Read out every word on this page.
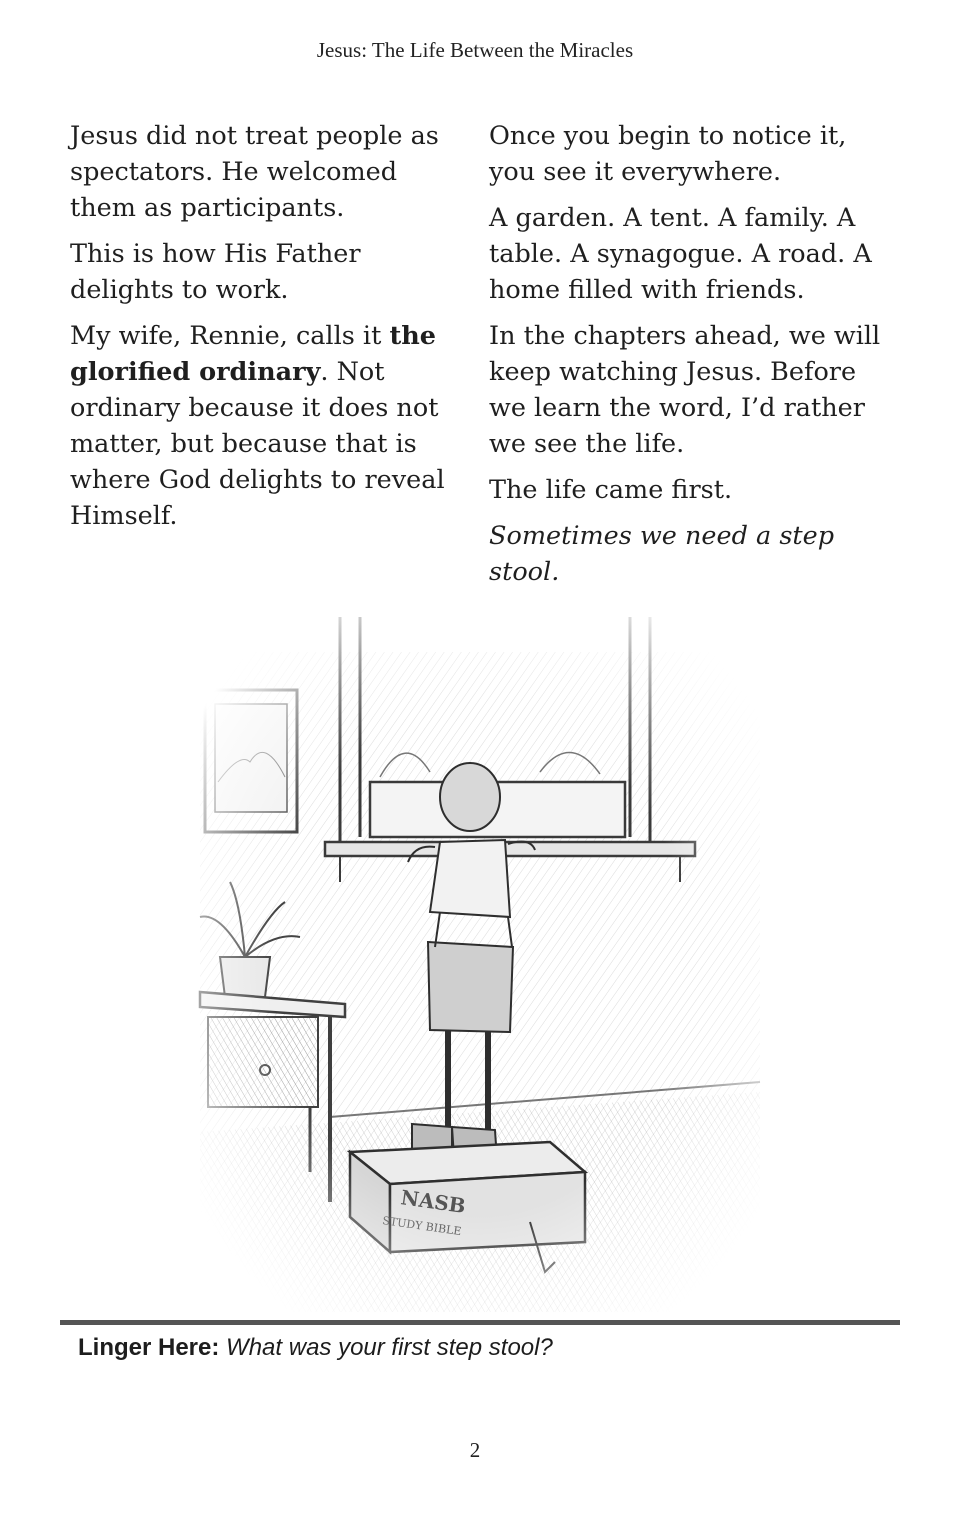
Jesus: The Life Between the Miracles

Jesus did not treat people as spectators. He welcomed them as participants.

This is how His Father delights to work.

My wife, Rennie, calls it the glorified ordinary. Not ordinary because it does not matter, but because that is where God delights to reveal Himself.

Once you begin to notice it, you see it everywhere.

A garden. A tent. A family. A table. A synagogue. A road. A home filled with friends.

In the chapters ahead, we will keep watching Jesus. Before we learn the word, I’d rather we see the life.

The life came first.

Sometimes we need a step stool.

Linger Here: What was your first step stool?
2
